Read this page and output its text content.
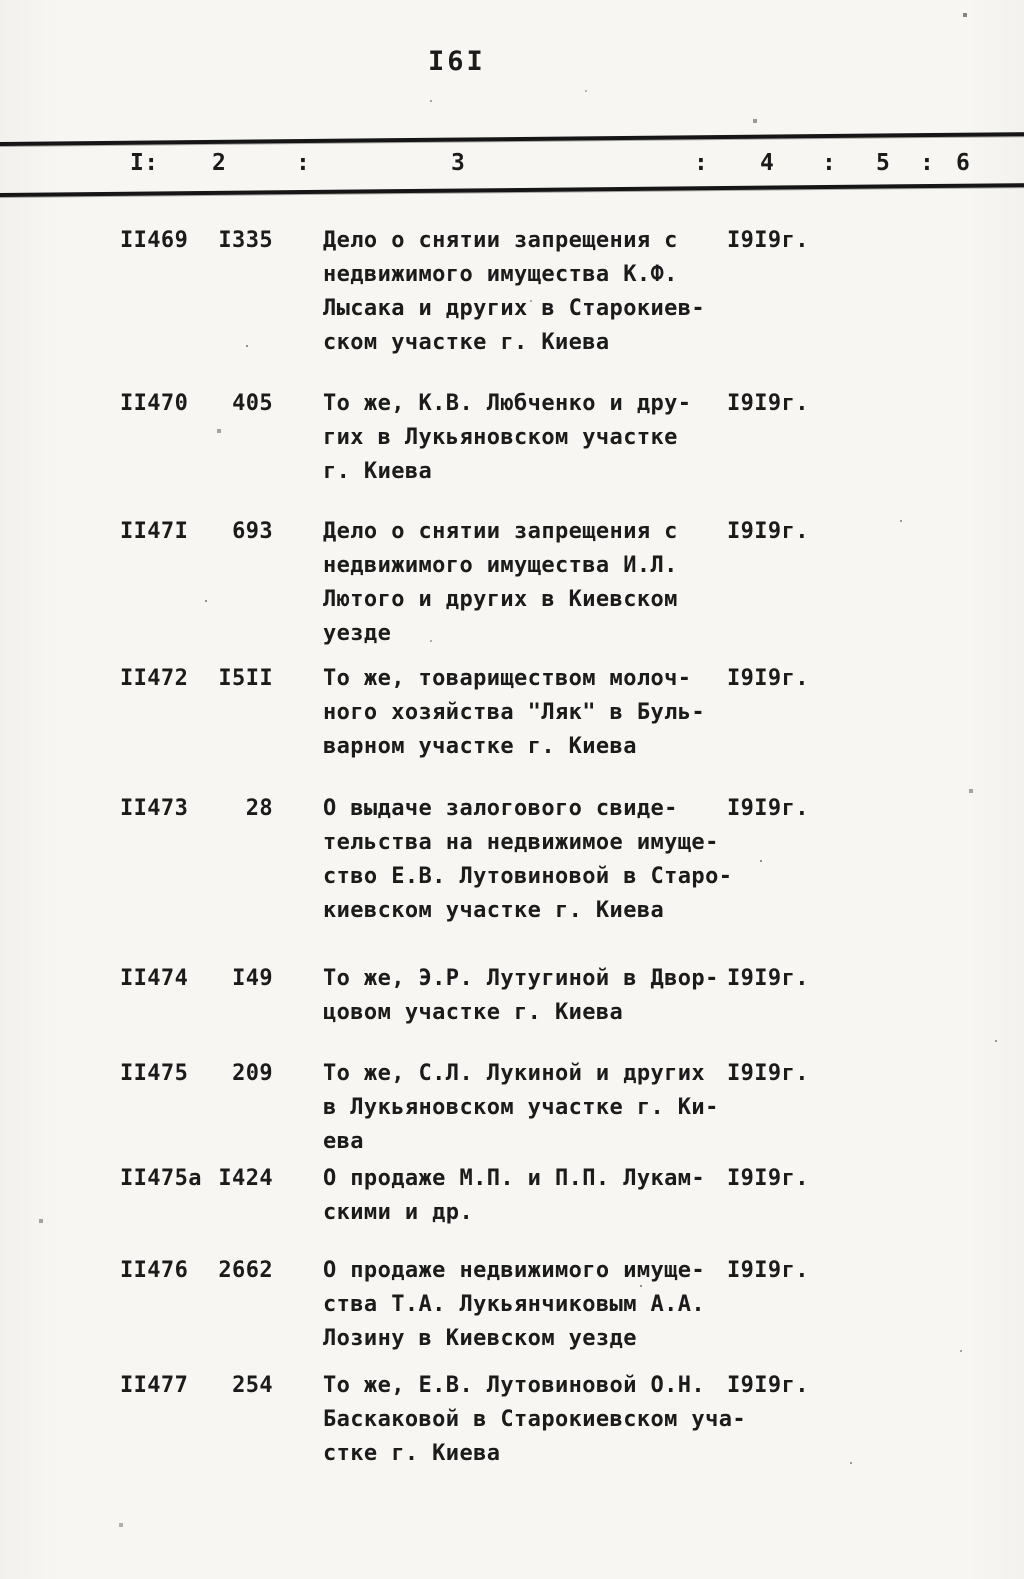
I6I
I: 2	:	3	: 4 : 5 : 6
II469	I335 Дело о снятии запрещения с
недвижимого имущества К.Ф.
Лысака и других в Старокиев-
ском участке г. Киева
I9I9г.
II470	405 То же, К.В. Любченко и дру-
гих в Лукьяновском участке
г. Киева
I9I9г.
II47I	693 Дело о снятии запрещения с
недвижимого имущества И.Л.
Лютого и других в Киевском
уезде
I9I9г.
II472	I5II То же, товариществом молоч-
ного хозяйства "Ляк" в Буль-
варном участке г. Киева
I9I9г.
II473	28 О выдаче залогового свиде-
тельства на недвижимое имуще-
ство Е.В. Лутовиновой в Старо-
киевском участке г. Киева
I9I9г.
II474	I49 То же, Э.Р. Лутугиной в Двор-
цовом участке г. Киева
I9I9г.
II475	209 То же, С.Л. Лукиной и других
в Лукьяновском участке г. Ки-
ева
I9I9г.
II475а I424 О продаже М.П. и П.П. Лукам-
скими и др.
I9I9г.
II476	2662 О продаже недвижимого имуще-
ства Т.А. Лукьянчиковым А.А.
Лозину в Киевском уезде
I9I9г.
II477	254 То же, Е.В. Лутовиновой О.Н.
Баскаковой в Старокиевском уча-
стке г. Киева
I9I9г.
